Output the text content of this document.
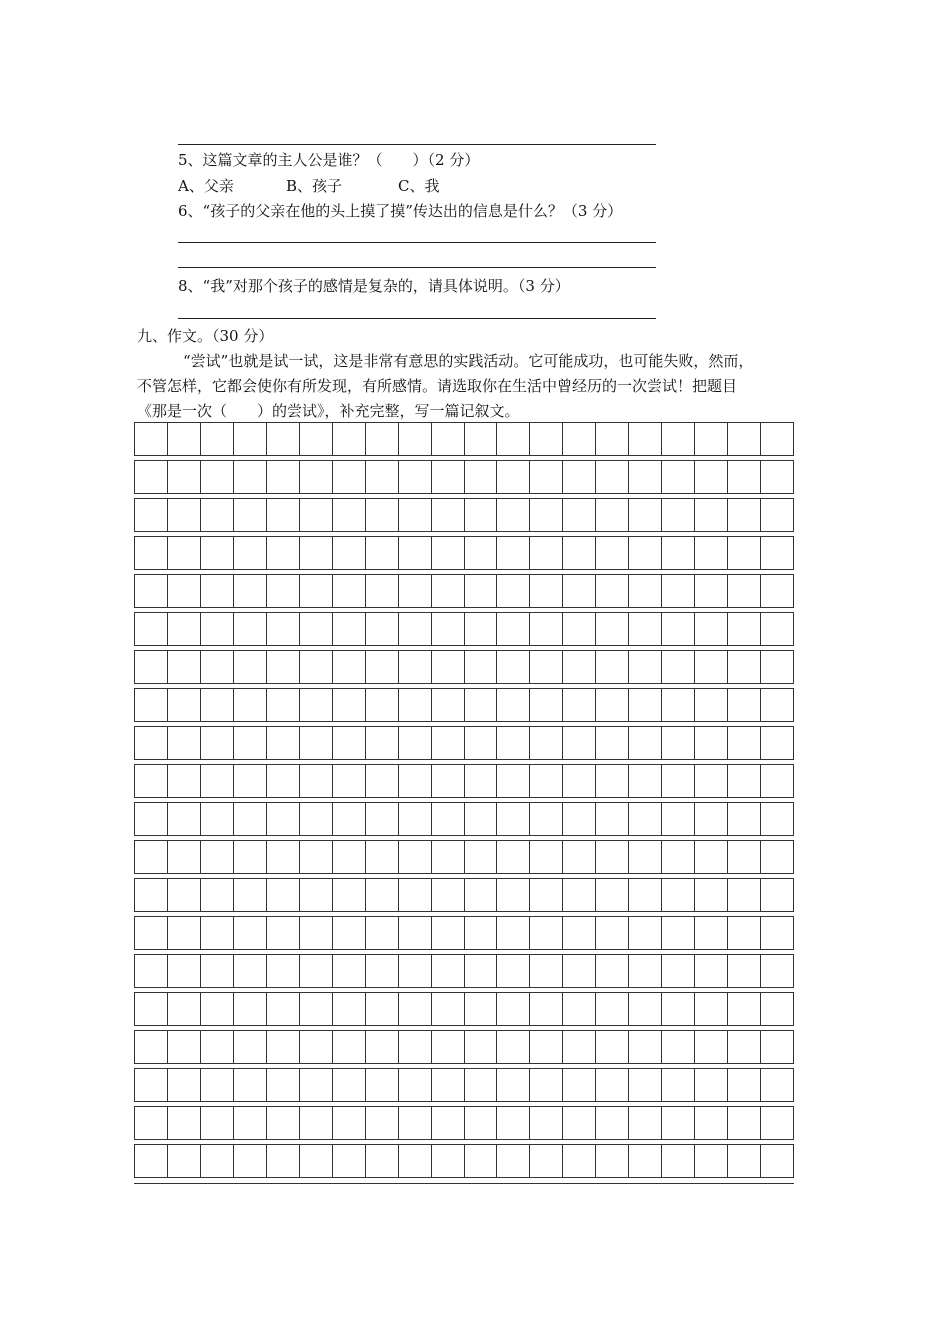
5、这篇文章的主人公是谁？（　　）（2 分）
A、父亲	B、孩子	C、我
6、“孩子的父亲在他的头上摸了摸”传达出的信息是什么？（3 分）
8、“我”对那个孩子的感情是复杂的，请具体说明。（3 分）
九、作文。（30 分）
“尝试”也就是试一试，这是非常有意思的实践活动。它可能成功，也可能失败，然而，
不管怎样，它都会使你有所发现，有所感情。请选取你在生活中曾经历的一次尝试！把题目
《那是一次（　　）的尝试》，补充完整，写一篇记叙文。
